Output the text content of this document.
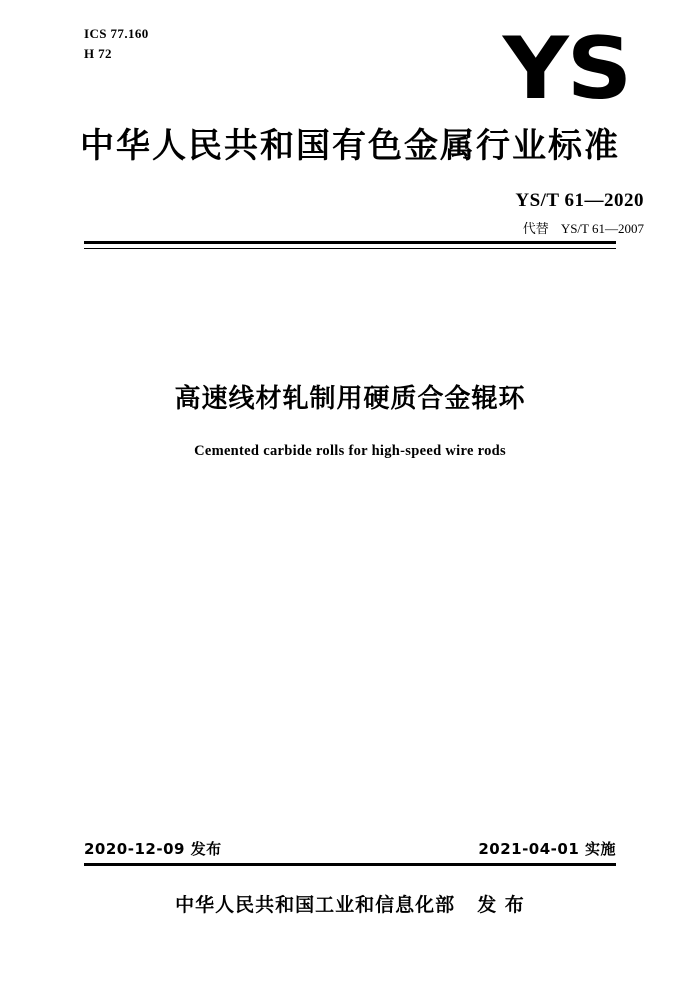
ICS 77.160
H 72	YS
中华人民共和国有色金属行业标准
YS/T 61—2020
代替 YS/T 61—2007
高速线材轧制用硬质合金辊环
Cemented carbide rolls for high-speed wire rods
2020-12-09 发布	2021-04-01 实施
中华人民共和国工业和信息化部 发 布
